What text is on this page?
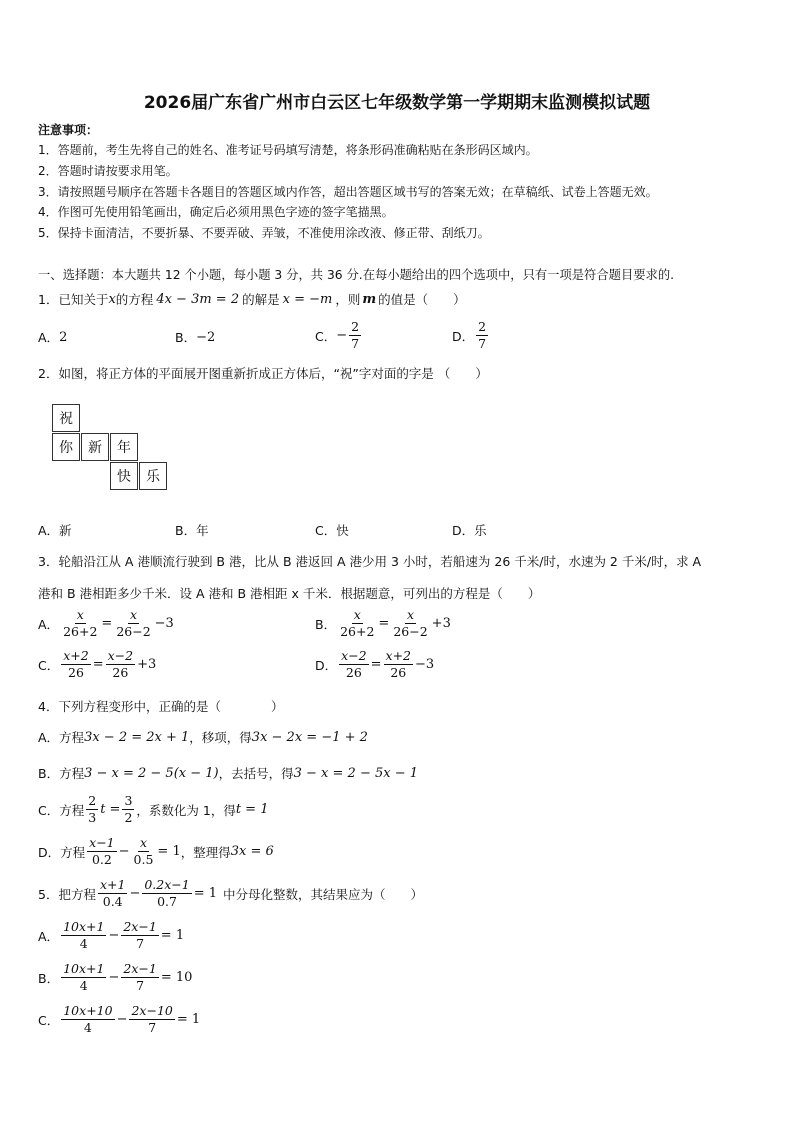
2026届广东省广州市白云区七年级数学第一学期期末监测模拟试题
注意事项：
1．答题前，考生先将自己的姓名、准考证号码填写清楚，将条形码准确粘贴在条形码区域内。
2．答题时请按要求用笔。
3．请按照题号顺序在答题卡各题目的答题区域内作答，超出答题区域书写的答案无效；在草稿纸、试卷上答题无效。
4．作图可先使用铅笔画出，确定后必须用黑色字迹的签字笔描黑。
5．保持卡面清洁，不要折暴、不要弄破、弄皱，不准使用涂改液、修正带、刮纸刀。
一、选择题：本大题共 12 个小题，每小题 3 分，共 36 分.在每小题给出的四个选项中，只有一项是符合题目要求的.
1．已知关于 x 的方程 4x − 3m = 2 的解是 x = −m ，则 m 的值是（　　）
A． 2	B． −2	C． − $\frac{2}{7}$	D． $\frac{2}{7}$
2．如图，将正方体的平面展开图重新折成正方体后，“祝”字对面的字是 （　　）
祝
你	新	年
快	乐
A．新	B．年	C．快	D．乐
3．轮船沿江从 A 港顺流行驶到 B 港，比从 B 港返回 A 港少用 3 小时，若船速为 26 千米/时，水速为 2 千米/时，求 A
港和 B 港相距多少千米．设 A 港和 B 港相距 x 千米．根据题意，可列出的方程是（　　）
A． $\frac{x}{26+2} = \frac{x}{26-2} -3$	B． $\frac{x}{26+2} = \frac{x}{26-2} +3$
C． $\frac{x+2}{26} = \frac{x-2}{26} +3$	D． $\frac{x-2}{26} = \frac{x+2}{26} -3$
4．下列方程变形中，正确的是（　　　　）
A．方程 3x − 2 = 2x + 1 ，移项，得 3x − 2x = −1 + 2
B．方程 3 − x = 2 − 5(x − 1) ，去括号，得 3 − x = 2 − 5x − 1
C．方程 $\frac{2}{3}$ $t = \frac{3}{2}$ ，系数化为 1，得 t = 1
D．方程 $\frac{x-1}{0.2} - \frac{x}{0.5} = 1$ ，整理得 3x = 6
5．把方程 $\frac{x+1}{0.4} - \frac{0.2x-1}{0.7} = 1$ 中分母化整数，其结果应为（　　）
A． $\frac{10x+1}{4} - \frac{2x-1}{7} = 1$
B． $\frac{10x+1}{4} - \frac{2x-1}{7} = 10$
C． $\frac{10x+10}{4} - \frac{2x-10}{7} = 1$
